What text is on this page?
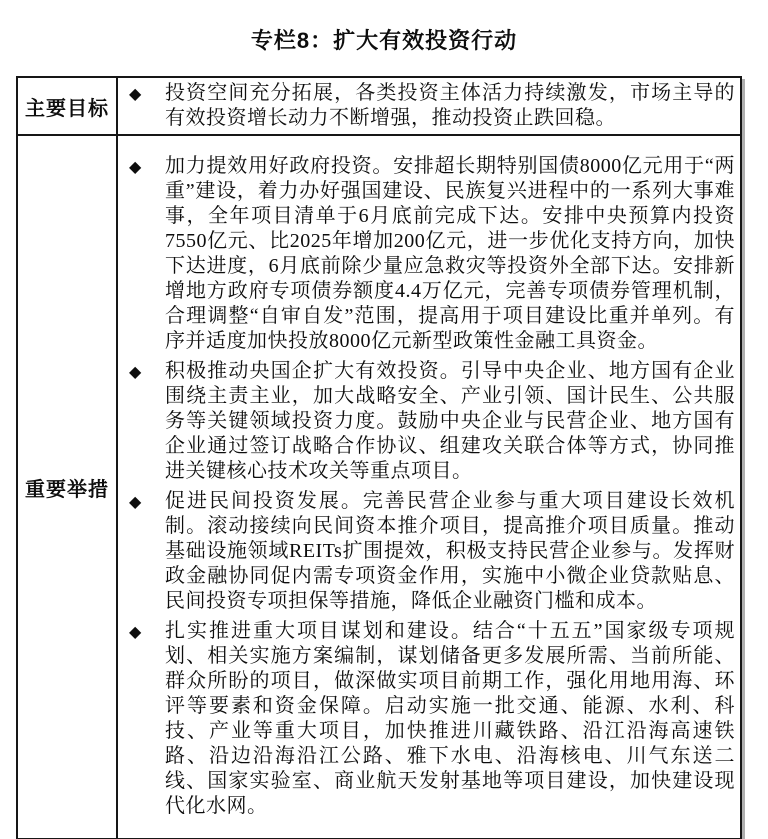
专栏8：扩大有效投资行动
主要目标	
◆ 投资空间充分拓展，各类投资主体活力持续激发，市场主导的有效投资增长动力不断增强，推动投资止跌回稳。

重要举措	
◆ 加力提效用好政府投资。安排超长期特别国债8000亿元用于“两重”建设，着力办好强国建设、民族复兴进程中的一系列大事难事，全年项目清单于6月底前完成下达。安排中央预算内投资7550亿元、比2025年增加200亿元，进一步优化支持方向，加快下达进度，6月底前除少量应急救灾等投资外全部下达。安排新增地方政府专项债券额度4.4万亿元，完善专项债券管理机制，合理调整“自审自发”范围，提高用于项目建设比重并单列。有序并适度加快投放8000亿元新型政策性金融工具资金。
◆ 积极推动央国企扩大有效投资。引导中央企业、地方国有企业围绕主责主业，加大战略安全、产业引领、国计民生、公共服务等关键领域投资力度。鼓励中央企业与民营企业、地方国有企业通过签订战略合作协议、组建攻关联合体等方式，协同推进关键核心技术攻关等重点项目。
◆ 促进民间投资发展。完善民营企业参与重大项目建设长效机制。滚动接续向民间资本推介项目，提高推介项目质量。推动基础设施领域REITs扩围提效，积极支持民营企业参与。发挥财政金融协同促内需专项资金作用，实施中小微企业贷款贴息、民间投资专项担保等措施，降低企业融资门槛和成本。
◆ 扎实推进重大项目谋划和建设。结合“十五五”国家级专项规划、相关实施方案编制，谋划储备更多发展所需、当前所能、群众所盼的项目，做深做实项目前期工作，强化用地用海、环评等要素和资金保障。启动实施一批交通、能源、水利、科技、产业等重大项目，加快推进川藏铁路、沿江沿海高速铁路、沿边沿海沿江公路、雅下水电、沿海核电、川气东送二线、国家实验室、商业航天发射基地等项目建设，加快建设现代化水网。
